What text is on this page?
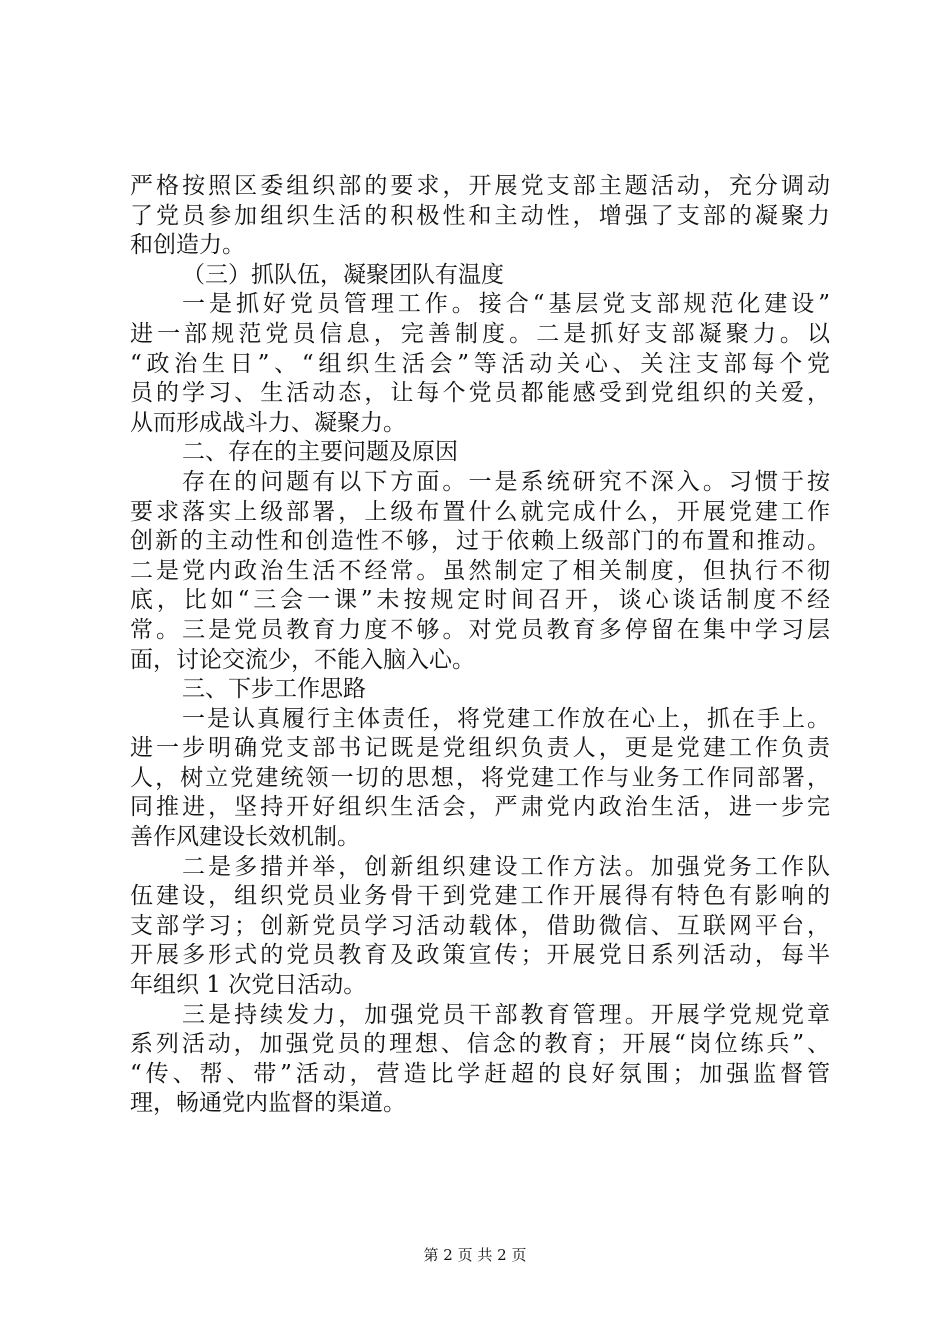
严格按照区委组织部的要求，开展党支部主题活动，充分调动
了党员参加组织生活的积极性和主动性，增强了支部的凝聚力
和创造力。
（三）抓队伍，凝聚团队有温度
一是抓好党员管理工作。接合“基层党支部规范化建设”
进一部规范党员信息，完善制度。二是抓好支部凝聚力。以
“政治生日”、“组织生活会”等活动关心、关注支部每个党
员的学习、生活动态，让每个党员都能感受到党组织的关爱，
从而形成战斗力、凝聚力。
二、存在的主要问题及原因
存在的问题有以下方面。一是系统研究不深入。习惯于按
要求落实上级部署，上级布置什么就完成什么，开展党建工作
创新的主动性和创造性不够，过于依赖上级部门的布置和推动。
二是党内政治生活不经常。虽然制定了相关制度，但执行不彻
底，比如“三会一课”未按规定时间召开，谈心谈话制度不经
常。三是党员教育力度不够。对党员教育多停留在集中学习层
面，讨论交流少，不能入脑入心。
三、下步工作思路
一是认真履行主体责任，将党建工作放在心上，抓在手上。
进一步明确党支部书记既是党组织负责人，更是党建工作负责
人，树立党建统领一切的思想，将党建工作与业务工作同部署，
同推进，坚持开好组织生活会，严肃党内政治生活，进一步完
善作风建设长效机制。
二是多措并举，创新组织建设工作方法。加强党务工作队
伍建设，组织党员业务骨干到党建工作开展得有特色有影响的
支部学习；创新党员学习活动载体，借助微信、互联网平台，
开展多形式的党员教育及政策宣传；开展党日系列活动，每半
年组织 1 次党日活动。
三是持续发力，加强党员干部教育管理。开展学党规党章
系列活动，加强党员的理想、信念的教育；开展“岗位练兵”、
“传、帮、带”活动，营造比学赶超的良好氛围；加强监督管
理，畅通党内监督的渠道。
第 2 页 共 2 页
